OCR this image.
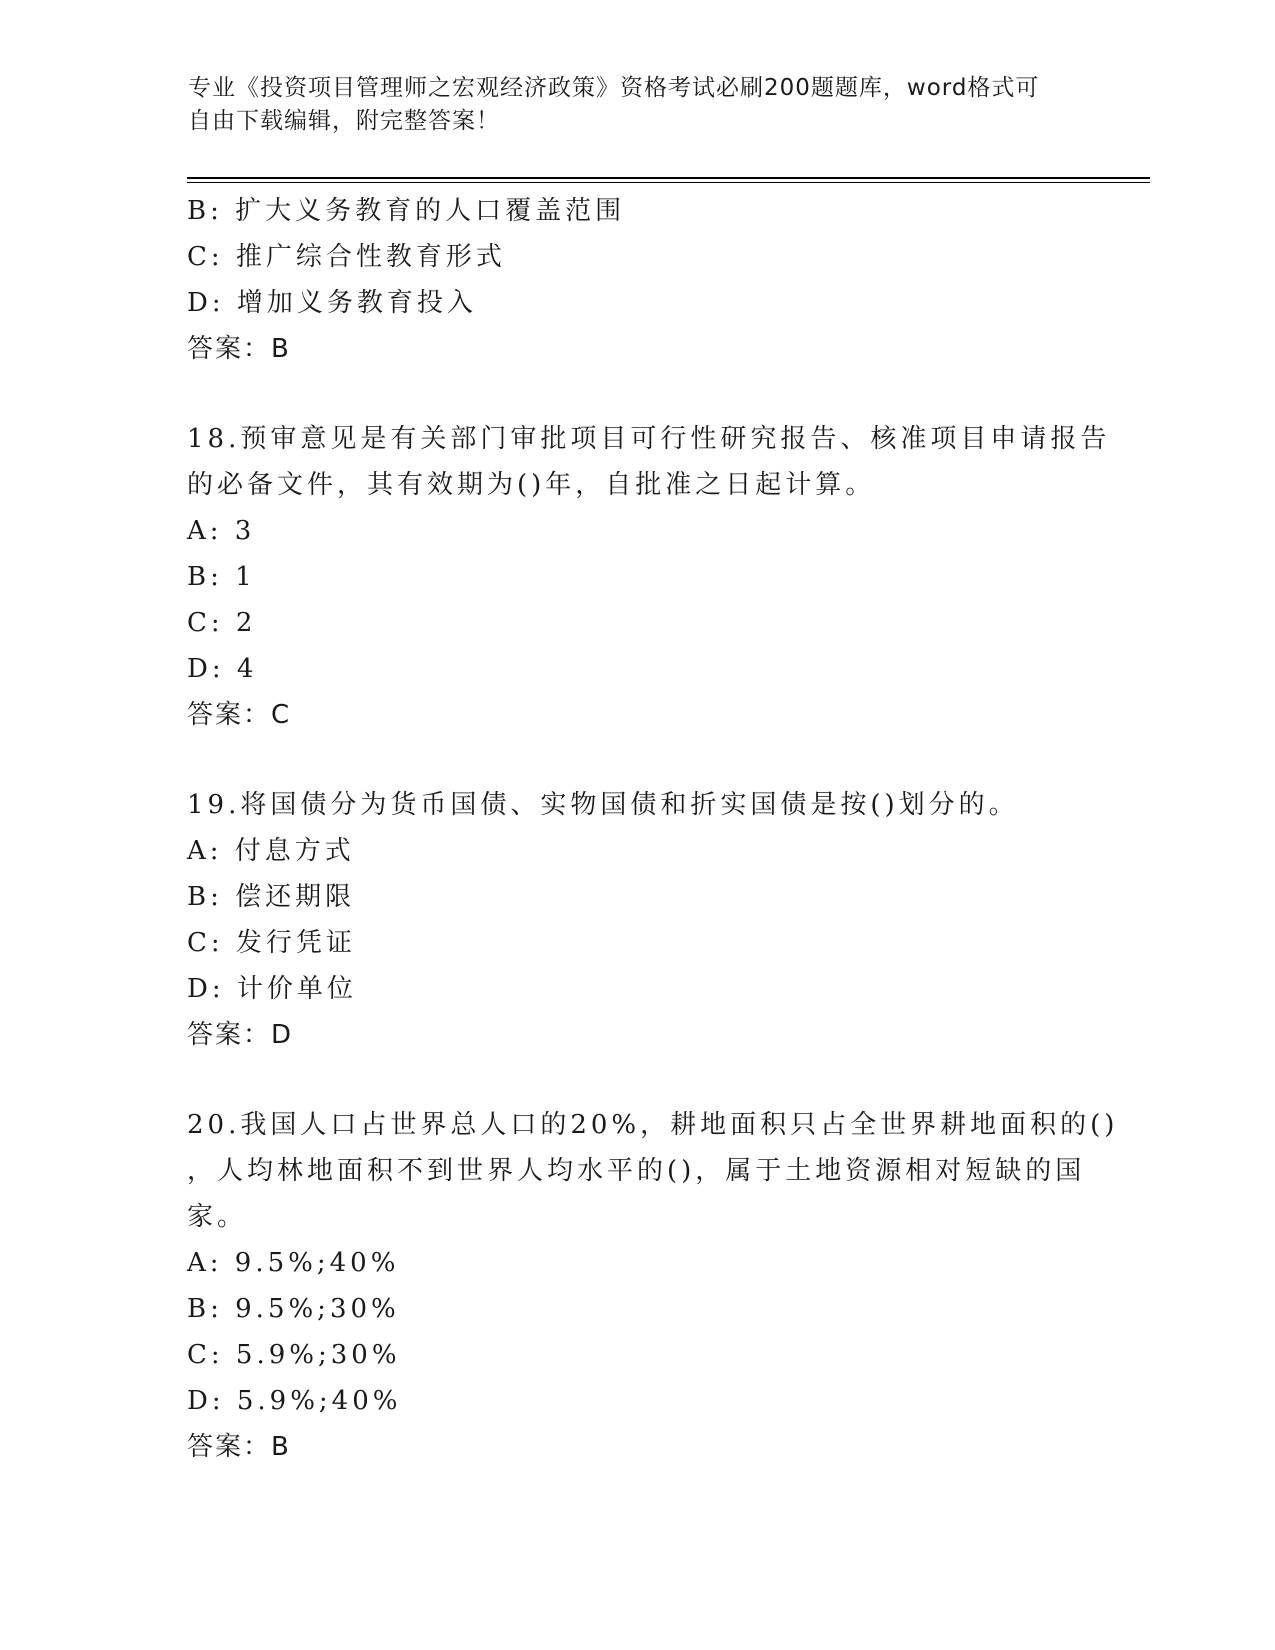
专业《投资项目管理师之宏观经济政策》资格考试必刷200题题库，word格式可
自由下载编辑，附完整答案！
B: 扩大义务教育的人口覆盖范围
C: 推广综合性教育形式
D: 增加义务教育投入
答案：B
18.预审意见是有关部门审批项目可行性研究报告、核准项目申请报告
的必备文件，其有效期为()年，自批准之日起计算。
A: 3
B: 1
C: 2
D: 4
答案：C
19.将国债分为货币国债、实物国债和折实国债是按()划分的。
A: 付息方式
B: 偿还期限
C: 发行凭证
D: 计价单位
答案：D
20.我国人口占世界总人口的20%，耕地面积只占全世界耕地面积的()
，人均林地面积不到世界人均水平的()，属于土地资源相对短缺的国
家。
A: 9.5%;40%
B: 9.5%;30%
C: 5.9%;30%
D: 5.9%;40%
答案：B
